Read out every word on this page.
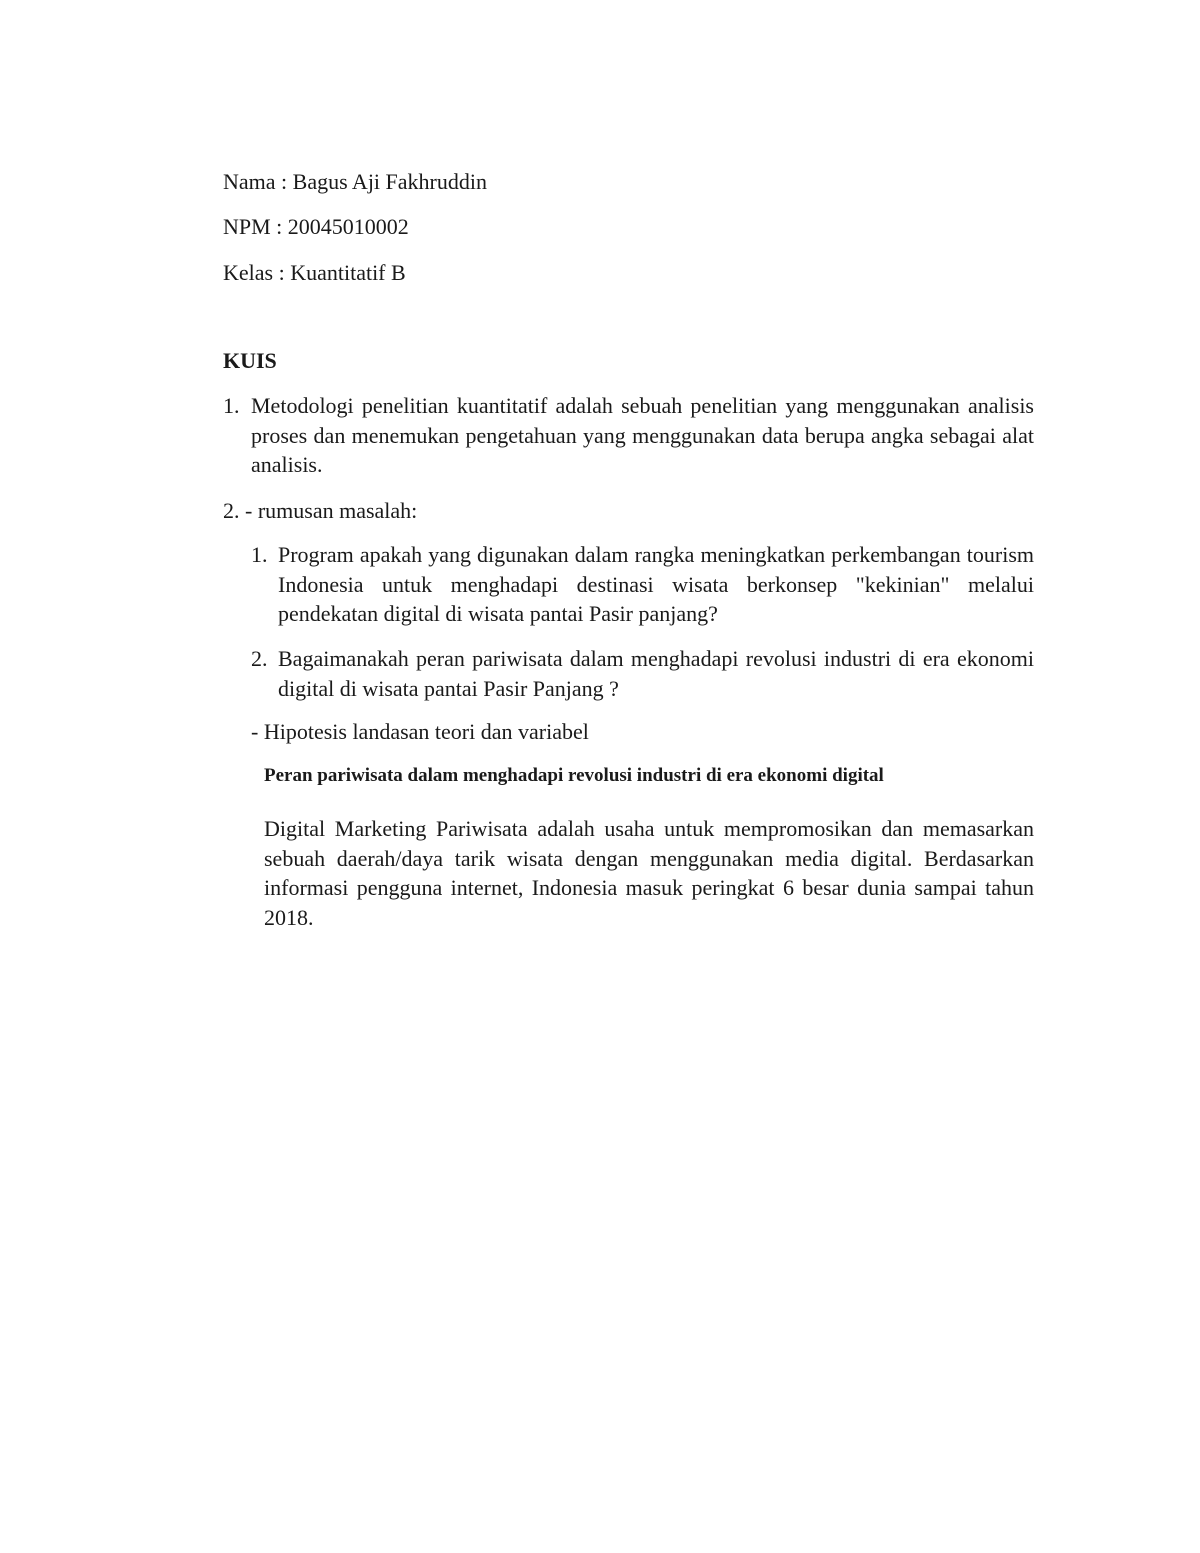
Nama : Bagus Aji Fakhruddin
NPM : 20045010002
Kelas : Kuantitatif B
KUIS
1. Metodologi penelitian kuantitatif adalah sebuah penelitian yang menggunakan analisis proses dan menemukan pengetahuan yang menggunakan data berupa angka sebagai alat analisis.
2. - rumusan masalah:
1. Program apakah yang digunakan dalam rangka meningkatkan perkembangan tourism Indonesia untuk menghadapi destinasi wisata berkonsep "kekinian" melalui pendekatan digital di wisata pantai Pasir panjang?
2. Bagaimanakah peran pariwisata dalam menghadapi revolusi industri di era ekonomi digital di wisata pantai Pasir Panjang ?
- Hipotesis landasan teori dan variabel
Peran pariwisata dalam menghadapi revolusi industri di era ekonomi digital
Digital Marketing Pariwisata adalah usaha untuk mempromosikan dan memasarkan sebuah daerah/daya tarik wisata dengan menggunakan media digital. Berdasarkan informasi pengguna internet, Indonesia masuk peringkat 6 besar dunia sampai tahun 2018.
